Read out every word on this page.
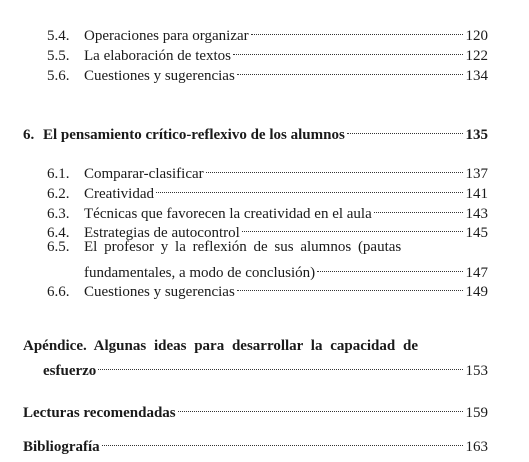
5.4. Operaciones para organizar	120
5.5. La elaboración de textos	122
5.6. Cuestiones y sugerencias	134
6. El pensamiento crítico-reflexivo de los alumnos	135
6.1. Comparar-clasificar	137
6.2. Creatividad	141
6.3. Técnicas que favorecen la creatividad en el aula	143
6.4. Estrategias de autocontrol	145
6.5. El profesor y la reflexión de sus alumnos (pautas
fundamentales, a modo de conclusión)	147
6.6. Cuestiones y sugerencias	149
Apéndice. Algunas ideas para desarrollar la capacidad de
esfuerzo	153
Lecturas recomendadas	159
Bibliografía	163
